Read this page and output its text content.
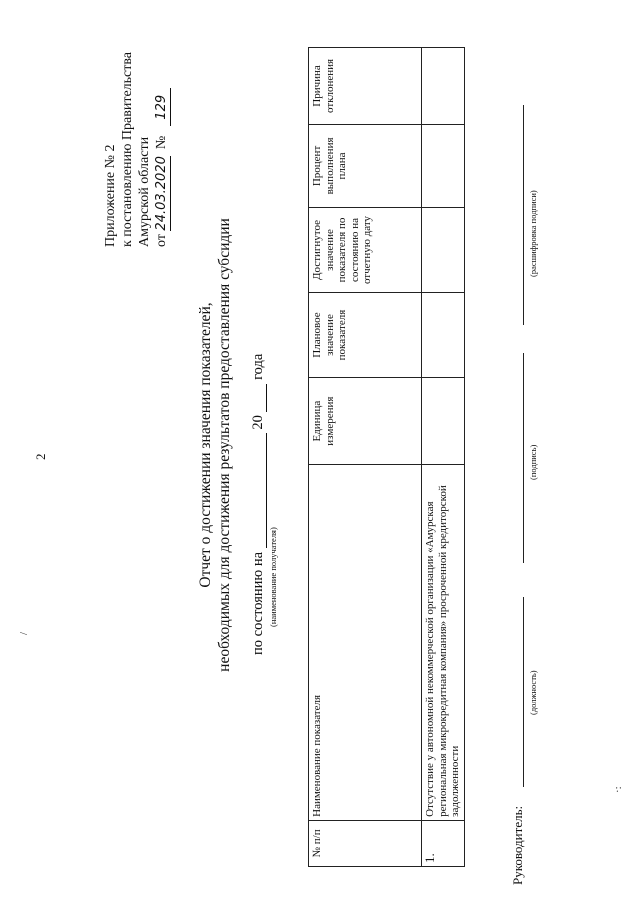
2
/
·:
Приложение № 2 к постановлению Правительства Амурской области от 24.03.2020  № 129
Отчет о достижении значения показателей, необходимых для достижения результатов предоставления субсидии по состоянию на  20  года
(наименование получателя)
№ п/п	Наименование показателя	Единица измерения	Плановое значение показателя	Достигнутое значение показателя по состоянию на отчетную дату	Процент выполнения плана	Причина отклонения
1.	Отсутствие у автономной некоммерческой организации «Амурская региональная микрокредитная компания» просроченной кредиторской задолженности					
Руководитель:
(должность)
(подпись)
(расшифровка подписи)
